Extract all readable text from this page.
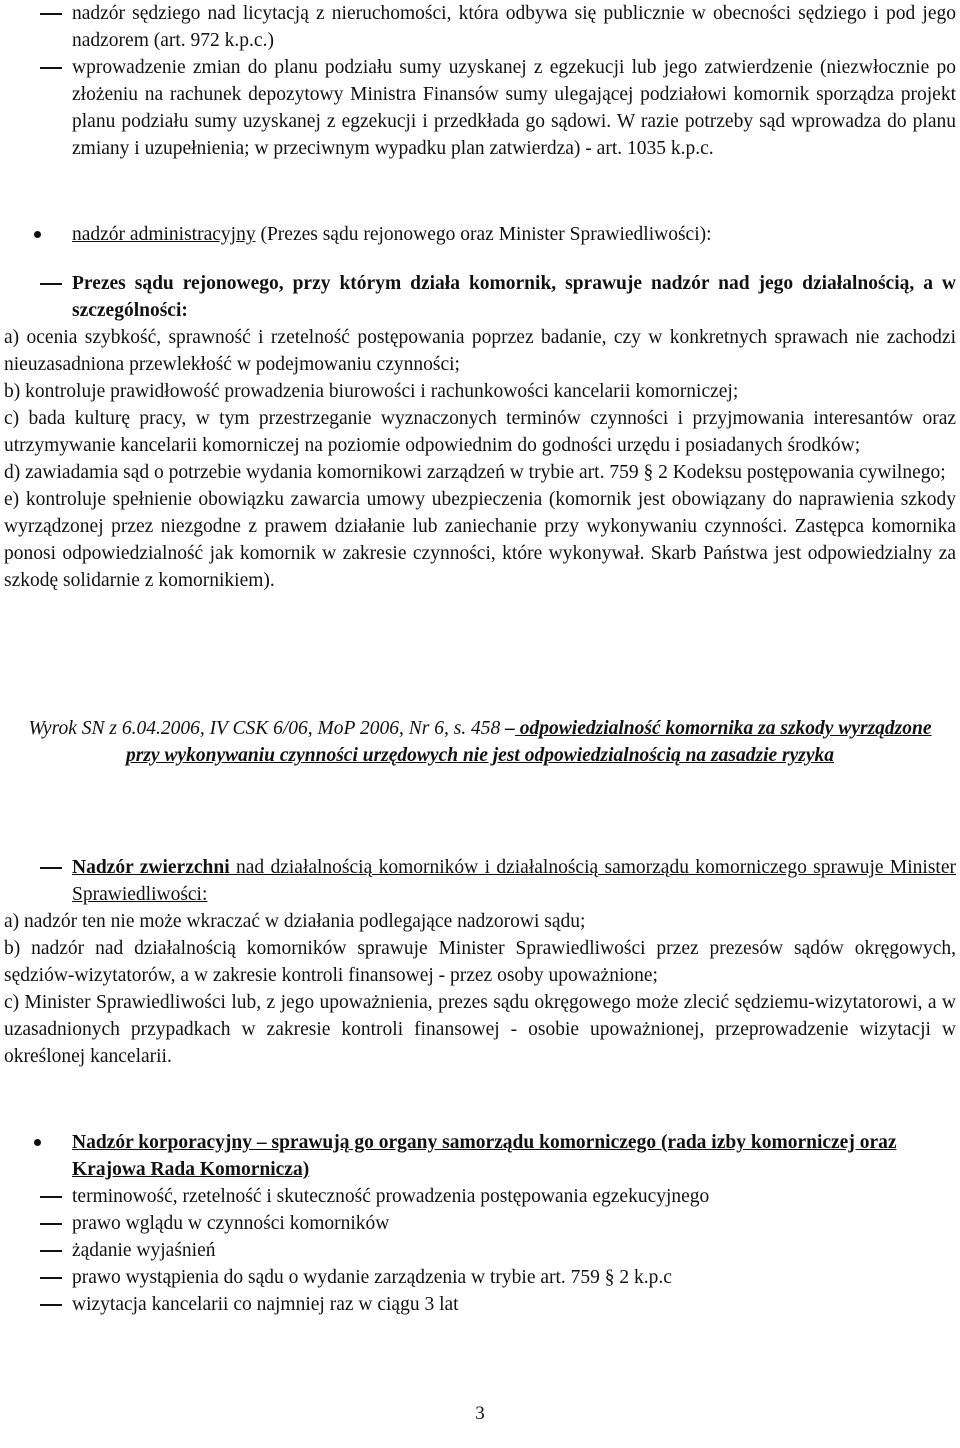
nadzór sędziego nad licytacją z nieruchomości, która odbywa się publicznie w obecności sędziego i pod jego nadzorem (art. 972 k.p.c.)
wprowadzenie zmian do planu podziału sumy uzyskanej z egzekucji lub jego zatwierdzenie (niezwłocznie po złożeniu na rachunek depozytowy Ministra Finansów sumy ulegającej podziałowi komornik sporządza projekt planu podziału sumy uzyskanej z egzekucji i przedkłada go sądowi. W razie potrzeby sąd wprowadza do planu zmiany i uzupełnienia; w przeciwnym wypadku plan zatwierdza) - art. 1035 k.p.c.
nadzór administracyjny (Prezes sądu rejonowego oraz Minister Sprawiedliwości):
Prezes sądu rejonowego, przy którym działa komornik, sprawuje nadzór nad jego działalnością, a w szczególności:
a) ocenia szybkość, sprawność i rzetelność postępowania poprzez badanie, czy w konkretnych sprawach nie zachodzi nieuzasadniona przewlekłość w podejmowaniu czynności;
b) kontroluje prawidłowość prowadzenia biurowości i rachunkowości kancelarii komorniczej;
c) bada kulturę pracy, w tym przestrzeganie wyznaczonych terminów czynności i przyjmowania interesantów oraz utrzymywanie kancelarii komorniczej na poziomie odpowiednim do godności urzędu i posiadanych środków;
d) zawiadamia sąd o potrzebie wydania komornikowi zarządzeń w trybie art. 759 § 2 Kodeksu postępowania cywilnego;
e) kontroluje spełnienie obowiązku zawarcia umowy ubezpieczenia (komornik jest obowiązany do naprawienia szkody wyrządzonej przez niezgodne z prawem działanie lub zaniechanie przy wykonywaniu czynności. Zastępca komornika ponosi odpowiedzialność jak komornik w zakresie czynności, które wykonywał. Skarb Państwa jest odpowiedzialny za szkodę solidarnie z komornikiem).
Wyrok SN z 6.04.2006, IV CSK 6/06, MoP 2006, Nr 6, s. 458 – odpowiedzialność komornika za szkody wyrządzone przy wykonywaniu czynności urzędowych nie jest odpowiedzialnością na zasadzie ryzyka
Nadzór zwierzchni nad działalnością komorników i działalnością samorządu komorniczego sprawuje Minister Sprawiedliwości:
a) nadzór ten nie może wkraczać w działania podlegające nadzorowi sądu;
b) nadzór nad działalnością komorników sprawuje Minister Sprawiedliwości przez prezesów sądów okręgowych, sędziów-wizytatorów, a w zakresie kontroli finansowej - przez osoby upoważnione;
c) Minister Sprawiedliwości lub, z jego upoważnienia, prezes sądu okręgowego może zlecić sędziemu-wizytatorowi, a w uzasadnionych przypadkach w zakresie kontroli finansowej - osobie upoważnionej, przeprowadzenie wizytacji w określonej kancelarii.
Nadzór korporacyjny – sprawują go organy samorządu komorniczego (rada izby komorniczej oraz Krajowa Rada Komornicza)
terminowość, rzetelność i skuteczność prowadzenia postępowania egzekucyjnego
prawo wglądu w czynności komorników
żądanie wyjaśnień
prawo wystąpienia do sądu o wydanie zarządzenia w trybie art. 759 § 2 k.p.c
wizytacja kancelarii co najmniej raz w ciągu 3 lat
3
